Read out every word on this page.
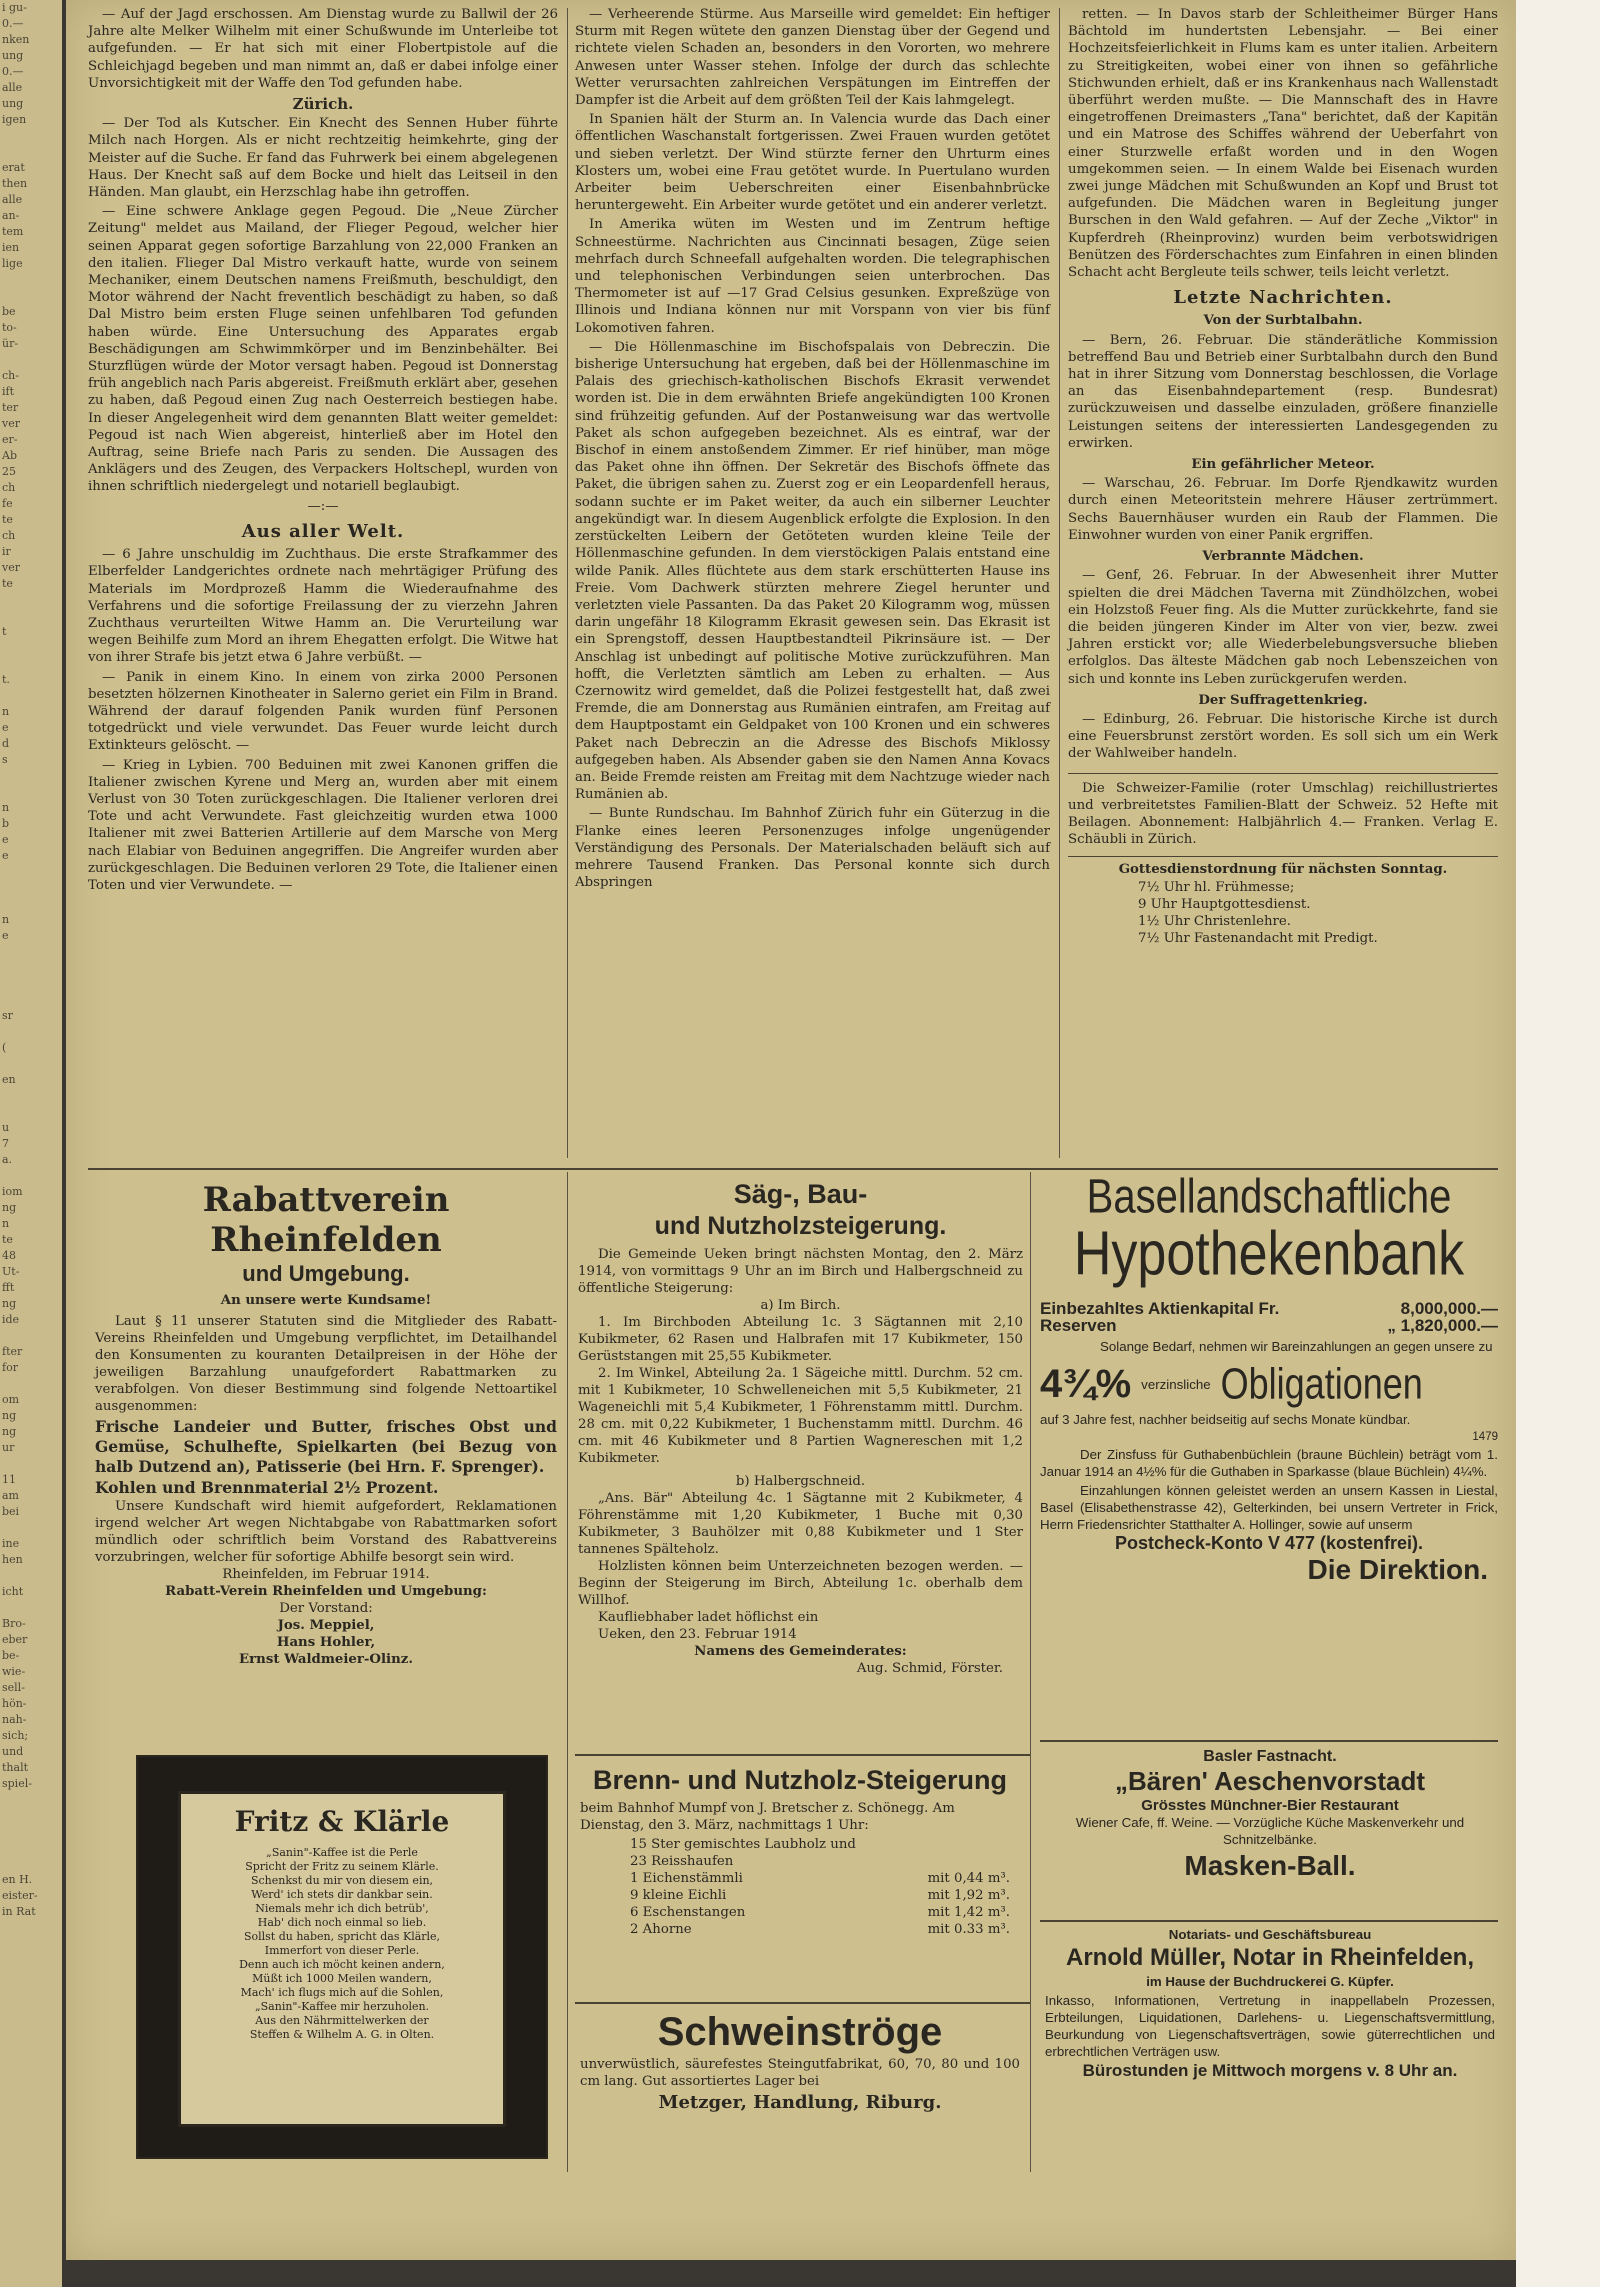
i gu-
0.—
nken
ung
0.—
alle
ung
igen

erat
then
alle
an-
tem
ien
lige

be
to-
ür-

ch-
ift
ter
ver
er-
Ab
25
ch
fe
te
ch
ir
ver
te

t

t.

n
e
d
s

n
b
e
e

n
e

sr

(

en

u
7
a.

iom
ng
n
te
48
Ut-
fft
ng
ide

fter
for

om
ng
ng
ur

11
am
bei

ine
hen

icht

Bro-
eber
be-
wie-
sell-
hön-
nah-
sich;
und
thalt
spiel-

en H.
eister-
in Rat

— Auf der Jagd erschossen. Am Dienstag wurde zu Ballwil der 26 Jahre alte Melker Wilhelm mit einer Schußwunde im Unterleibe tot aufgefunden. — Er hat sich mit einer Flobertpistole auf die Schleichjagd begeben und man nimmt an, daß er dabei infolge einer Unvorsichtigkeit mit der Waffe den Tod gefunden habe.

Zürich.

— Der Tod als Kutscher. Ein Knecht des Sennen Huber führte Milch nach Horgen. Als er nicht rechtzeitig heimkehrte, ging der Meister auf die Suche. Er fand das Fuhrwerk bei einem abgelegenen Haus. Der Knecht saß auf dem Bocke und hielt das Leitseil in den Händen. Man glaubt, ein Herzschlag habe ihn getroffen.

— Eine schwere Anklage gegen Pegoud. Die „Neue Zürcher Zeitung" meldet aus Mailand, der Flieger Pegoud, welcher hier seinen Apparat gegen sofortige Barzahlung von 22,000 Franken an den italien. Flieger Dal Mistro verkauft hatte, wurde von seinem Mechaniker, einem Deutschen namens Freißmuth, beschuldigt, den Motor während der Nacht freventlich beschädigt zu haben, so daß Dal Mistro beim ersten Fluge seinen unfehlbaren Tod gefunden haben würde. Eine Untersuchung des Apparates ergab Beschädigungen am Schwimmkörper und im Benzinbehälter. Bei Sturzflügen würde der Motor versagt haben. Pegoud ist Donnerstag früh angeblich nach Paris abgereist. Freißmuth erklärt aber, gesehen zu haben, daß Pegoud einen Zug nach Oesterreich bestiegen habe. In dieser Angelegenheit wird dem genannten Blatt weiter gemeldet: Pegoud ist nach Wien abgereist, hinterließ aber im Hotel den Auftrag, seine Briefe nach Paris zu senden. Die Aussagen des Anklägers und des Zeugen, des Verpackers Holtschepl, wurden von ihnen schriftlich niedergelegt und notariell beglaubigt.

—:—
Aus aller Welt.

— 6 Jahre unschuldig im Zuchthaus. Die erste Strafkammer des Elberfelder Landgerichtes ordnete nach mehrtägiger Prüfung des Materials im Mordprozeß Hamm die Wiederaufnahme des Verfahrens und die sofortige Freilassung der zu vierzehn Jahren Zuchthaus verurteilten Witwe Hamm an. Die Verurteilung war wegen Beihilfe zum Mord an ihrem Ehegatten erfolgt. Die Witwe hat von ihrer Strafe bis jetzt etwa 6 Jahre verbüßt. —

— Panik in einem Kino. In einem von zirka 2000 Personen besetzten hölzernen Kinotheater in Salerno geriet ein Film in Brand. Während der darauf folgenden Panik wurden fünf Personen totgedrückt und viele verwundet. Das Feuer wurde leicht durch Extinkteurs gelöscht. —

— Krieg in Lybien. 700 Beduinen mit zwei Kanonen griffen die Italiener zwischen Kyrene und Merg an, wurden aber mit einem Verlust von 30 Toten zurückgeschlagen. Die Italiener verloren drei Tote und acht Verwundete. Fast gleichzeitig wurden etwa 1000 Italiener mit zwei Batterien Artillerie auf dem Marsche von Merg nach Elabiar von Beduinen angegriffen. Die Angreifer wurden aber zurückgeschlagen. Die Beduinen verloren 29 Tote, die Italiener einen Toten und vier Verwundete. —

— Verheerende Stürme. Aus Marseille wird gemeldet: Ein heftiger Sturm mit Regen wütete den ganzen Dienstag über der Gegend und richtete vielen Schaden an, besonders in den Vororten, wo mehrere Anwesen unter Wasser stehen. Infolge der durch das schlechte Wetter verursachten zahlreichen Verspätungen im Eintreffen der Dampfer ist die Arbeit auf dem größten Teil der Kais lahmgelegt.

In Spanien hält der Sturm an. In Valencia wurde das Dach einer öffentlichen Waschanstalt fortgerissen. Zwei Frauen wurden getötet und sieben verletzt. Der Wind stürzte ferner den Uhrturm eines Klosters um, wobei eine Frau getötet wurde. In Puertulano wurden Arbeiter beim Ueberschreiten einer Eisenbahnbrücke heruntergeweht. Ein Arbeiter wurde getötet und ein anderer verletzt.

In Amerika wüten im Westen und im Zentrum heftige Schneestürme. Nachrichten aus Cincinnati besagen, Züge seien mehrfach durch Schneefall aufgehalten worden. Die telegraphischen und telephonischen Verbindungen seien unterbrochen. Das Thermometer ist auf —17 Grad Celsius gesunken. Expreßzüge von Illinois und Indiana können nur mit Vorspann von vier bis fünf Lokomotiven fahren.

— Die Höllenmaschine im Bischofspalais von Debreczin. Die bisherige Untersuchung hat ergeben, daß bei der Höllenmaschine im Palais des griechisch-katholischen Bischofs Ekrasit verwendet worden ist. Die in dem erwähnten Briefe angekündigten 100 Kronen sind frühzeitig gefunden. Auf der Postanweisung war das wertvolle Paket als schon aufgegeben bezeichnet. Als es eintraf, war der Bischof in einem anstoßendem Zimmer. Er rief hinüber, man möge das Paket ohne ihn öffnen. Der Sekretär des Bischofs öffnete das Paket, die übrigen sahen zu. Zuerst zog er ein Leopardenfell heraus, sodann suchte er im Paket weiter, da auch ein silberner Leuchter angekündigt war. In diesem Augenblick erfolgte die Explosion. In den zerstückelten Leibern der Getöteten wurden kleine Teile der Höllenmaschine gefunden. In dem vierstöckigen Palais entstand eine wilde Panik. Alles flüchtete aus dem stark erschütterten Hause ins Freie. Vom Dachwerk stürzten mehrere Ziegel herunter und verletzten viele Passanten. Da das Paket 20 Kilogramm wog, müssen darin ungefähr 18 Kilogramm Ekrasit gewesen sein. Das Ekrasit ist ein Sprengstoff, dessen Hauptbestandteil Pikrinsäure ist. — Der Anschlag ist unbedingt auf politische Motive zurückzuführen. Man hofft, die Verletzten sämtlich am Leben zu erhalten. — Aus Czernowitz wird gemeldet, daß die Polizei festgestellt hat, daß zwei Fremde, die am Donnerstag aus Rumänien eintrafen, am Freitag auf dem Hauptpostamt ein Geldpaket von 100 Kronen und ein schweres Paket nach Debreczin an die Adresse des Bischofs Miklossy aufgegeben haben. Als Absender gaben sie den Namen Anna Kovacs an. Beide Fremde reisten am Freitag mit dem Nachtzuge wieder nach Rumänien ab.

— Bunte Rundschau. Im Bahnhof Zürich fuhr ein Güterzug in die Flanke eines leeren Personenzuges infolge ungenügender Verständigung des Personals. Der Materialschaden beläuft sich auf mehrere Tausend Franken. Das Personal konnte sich durch Abspringen

retten. — In Davos starb der Schleitheimer Bürger Hans Bächtold im hundertsten Lebensjahr. — Bei einer Hochzeitsfeierlichkeit in Flums kam es unter italien. Arbeitern zu Streitigkeiten, wobei einer von ihnen so gefährliche Stichwunden erhielt, daß er ins Krankenhaus nach Wallenstadt überführt werden mußte. — Die Mannschaft des in Havre eingetroffenen Dreimasters „Tana" berichtet, daß der Kapitän und ein Matrose des Schiffes während der Ueberfahrt von einer Sturzwelle erfaßt worden und in den Wogen umgekommen seien. — In einem Walde bei Eisenach wurden zwei junge Mädchen mit Schußwunden an Kopf und Brust tot aufgefunden. Die Mädchen waren in Begleitung junger Burschen in den Wald gefahren. — Auf der Zeche „Viktor" in Kupferdreh (Rheinprovinz) wurden beim verbotswidrigen Benützen des Förderschachtes zum Einfahren in einen blinden Schacht acht Bergleute teils schwer, teils leicht verletzt.

Letzte Nachrichten.
Von der Surbtalbahn.

— Bern, 26. Februar. Die ständerätliche Kommission betreffend Bau und Betrieb einer Surbtalbahn durch den Bund hat in ihrer Sitzung vom Donnerstag beschlossen, die Vorlage an das Eisenbahndepartement (resp. Bundesrat) zurückzuweisen und dasselbe einzuladen, größere finanzielle Leistungen seitens der interessierten Landesgegenden zu erwirken.

Ein gefährlicher Meteor.

— Warschau, 26. Februar. Im Dorfe Rjendkawitz wurden durch einen Meteoritstein mehrere Häuser zertrümmert. Sechs Bauernhäuser wurden ein Raub der Flammen. Die Einwohner wurden von einer Panik ergriffen.

Verbrannte Mädchen.

— Genf, 26. Februar. In der Abwesenheit ihrer Mutter spielten die drei Mädchen Taverna mit Zündhölzchen, wobei ein Holzstoß Feuer fing. Als die Mutter zurückkehrte, fand sie die beiden jüngeren Kinder im Alter von vier, bezw. zwei Jahren erstickt vor; alle Wiederbelebungsversuche blieben erfolglos. Das älteste Mädchen gab noch Lebenszeichen von sich und konnte ins Leben zurückgerufen werden.

Der Suffragettenkrieg.

— Edinburg, 26. Februar. Die historische Kirche ist durch eine Feuersbrunst zerstört worden. Es soll sich um ein Werk der Wahlweiber handeln.

Die Schweizer-Familie (roter Umschlag) reichillustriertes und verbreitetstes Familien-Blatt der Schweiz. 52 Hefte mit Beilagen. Abonnement: Halbjährlich 4.— Franken. Verlag E. Schäubli in Zürich.

Gottesdienstordnung für nächsten Sonntag.
7½ Uhr hl. Frühmesse;
9 Uhr Hauptgottesdienst.
1½ Uhr Christenlehre.
7½ Uhr Fastenandacht mit Predigt.
Rabattverein Rheinfelden
und Umgebung.
An unsere werte Kundsame!

Laut § 11 unserer Statuten sind die Mitglieder des Rabatt-Vereins Rheinfelden und Umgebung verpflichtet, im Detailhandel den Konsumenten zu kouranten Detailpreisen in der Höhe der jeweiligen Barzahlung unaufgefordert Rabattmarken zu verabfolgen. Von dieser Bestimmung sind folgende Nettoartikel ausgenommen:

Frische Landeier und Butter, frisches Obst und Gemüse, Schulhefte, Spielkarten (bei Bezug von halb Dutzend an), Patisserie (bei Hrn. F. Sprenger).

Kohlen und Brennmaterial 2½ Prozent.

Unsere Kundschaft wird hiemit aufgefordert, Reklamationen irgend welcher Art wegen Nichtabgabe von Rabattmarken sofort mündlich oder schriftlich beim Vorstand des Rabattvereins vorzubringen, welcher für sofortige Abhilfe besorgt sein wird.

Rheinfelden, im Februar 1914.
Rabatt-Verein Rheinfelden und Umgebung:
Der Vorstand:
Jos. Meppiel,
Hans Hohler,
Ernst Waldmeier-Olinz.
Fritz & Klärle
„Sanin"-Kaffee ist die Perle
Spricht der Fritz zu seinem Klärle.
Schenkst du mir von diesem ein,
Werd' ich stets dir dankbar sein.
Niemals mehr ich dich betrüb',
Hab' dich noch einmal so lieb.
Sollst du haben, spricht das Klärle,
Immerfort von dieser Perle.
Denn auch ich möcht keinen andern,
Müßt ich 1000 Meilen wandern,
Mach' ich flugs mich auf die Sohlen,
„Sanin"-Kaffee mir herzuholen.
Aus den Nährmittelwerken der
Steffen & Wilhelm A. G. in Olten.
Säg-, Bau-
und Nutzholzsteigerung.

Die Gemeinde Ueken bringt nächsten Montag, den 2. März 1914, von vormittags 9 Uhr an im Birch und Halbergschneid zu öffentliche Steigerung:

a) Im Birch.

1. Im Birchboden Abteilung 1c. 3 Sägtannen mit 2,10 Kubikmeter, 62 Rasen und Halbrafen mit 17 Kubikmeter, 150 Gerüststangen mit 25,55 Kubikmeter.

2. Im Winkel, Abteilung 2a. 1 Sägeiche mittl. Durchm. 52 cm. mit 1 Kubikmeter, 10 Schwelleneichen mit 5,5 Kubikmeter, 21 Wageneichli mit 5,4 Kubikmeter, 1 Föhrenstamm mittl. Durchm. 28 cm. mit 0,22 Kubikmeter, 1 Buchenstamm mittl. Durchm. 46 cm. mit 46 Kubikmeter und 8 Partien Wagnereschen mit 1,2 Kubikmeter.

b) Halbergschneid.

„Ans. Bär" Abteilung 4c. 1 Sägtanne mit 2 Kubikmeter, 4 Föhrenstämme mit 1,20 Kubikmeter, 1 Buche mit 0,30 Kubikmeter, 3 Bauhölzer mit 0,88 Kubikmeter und 1 Ster tannenes Spälteholz.

Holzlisten können beim Unterzeichneten bezogen werden. — Beginn der Steigerung im Birch, Abteilung 1c. oberhalb dem Willhof.

Kaufliebhaber ladet höflichst ein
Ueken, den 23. Februar 1914
Namens des Gemeinderates:
Aug. Schmid, Förster.
Brenn- und Nutzholz-Steigerung

beim Bahnhof Mumpf von J. Bretscher z. Schönegg. Am Dienstag, den 3. März, nachmittags 1 Uhr:

15 Ster gemischtes Laubholz und
23 Reisshaufen
1 Eichenstämmli	mit 0,44 m³.
9 kleine Eichli	mit 1,92 m³.
6 Eschenstangen	mit 1,42 m³.
2 Ahorne	mit 0.33 m³.
Schweinströge

unverwüstlich, säurefestes Steingutfabrikat, 60, 70, 80 und 100 cm lang. Gut assortiertes Lager bei

Metzger, Handlung, Riburg.
Basellandschaftliche
Hypothekenbank
Einbezahltes Aktienkapital Fr.	8,000,000.—
Reserven	„ 1,820,000.—

Solange Bedarf, nehmen wir Bareinzahlungen an gegen unsere zu

4¾% verzinsliche Obligationen

auf 3 Jahre fest, nachher beidseitig auf sechs Monate kündbar.

1479

Der Zinsfuss für Guthabenbüchlein (braune Büchlein) beträgt vom 1. Januar 1914 an 4½% für die Guthaben in Sparkasse (blaue Büchlein) 4¼%.

Einzahlungen können geleistet werden an unsern Kassen in Liestal, Basel (Elisabethenstrasse 42), Gelterkinden, bei unsern Vertreter in Frick, Herrn Friedensrichter Statthalter A. Hollinger, sowie auf unserm

Postcheck-Konto V 477 (kostenfrei).
Die Direktion.
Basler Fastnacht.
„Bären' Aeschenvorstadt
Grösstes Münchner-Bier Restaurant
Wiener Cafe, ff. Weine. — Vorzügliche Küche Maskenverkehr und Schnitzelbänke.
Masken-Ball.
Notariats- und Geschäftsbureau
Arnold Müller, Notar in Rheinfelden,
im Hause der Buchdruckerei G. Küpfer.

Inkasso, Informationen, Vertretung in inappellabeln Prozessen, Erbteilungen, Liquidationen, Darlehens- u. Liegenschaftsvermittlung, Beurkundung von Liegenschaftsverträgen, sowie güterrechtlichen und erbrechtlichen Verträgen usw.

Bürostunden je Mittwoch morgens v. 8 Uhr an.
